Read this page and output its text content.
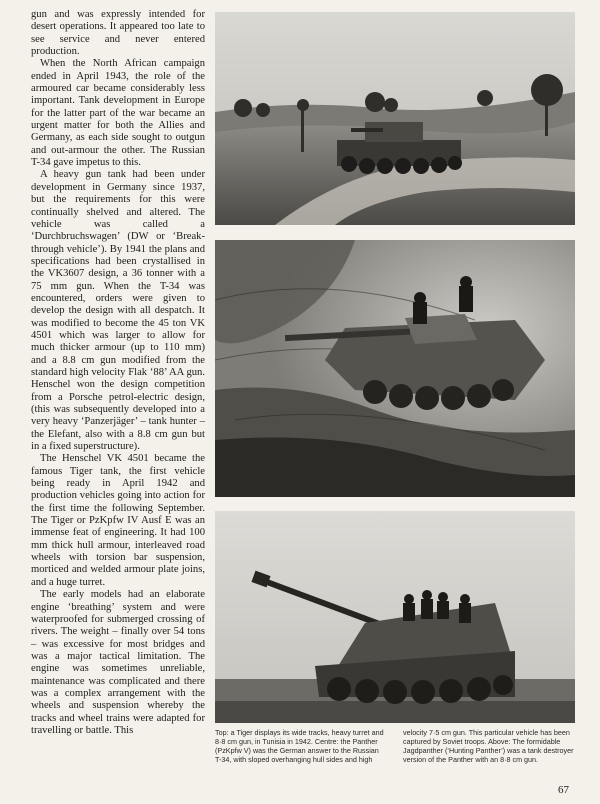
gun and was expressly intended for desert operations. It appeared too late to see service and never entered production.

When the North African campaign ended in April 1943, the role of the armoured car became considerably less important. Tank development in Europe for the latter part of the war became an urgent matter for both the Allies and Germany, as each side sought to outgun and out-armour the other. The Russian T-34 gave impetus to this.

A heavy gun tank had been under development in Germany since 1937, but the requirements for this were continually shelved and altered. The vehicle was called a ‘Durchbruchswagen’ (DW or ‘Break-through vehicle’). By 1941 the plans and specifications had been crystallised in the VK3607 design, a 36 tonner with a 75 mm gun. When the T-34 was encountered, orders were given to develop the design with all despatch. It was modified to become the 45 ton VK 4501 which was larger to allow for much thicker armour (up to 110 mm) and a 8.8 cm gun modified from the standard high velocity Flak ‘88’ AA gun. Henschel won the design competition from a Porsche petrol-electric design, (this was subsequently developed into a very heavy ‘Panzerjäger’ – tank hunter – the Elefant, also with a 8.8 cm gun but in a fixed superstructure).

The Henschel VK 4501 became the famous Tiger tank, the first vehicle being ready in April 1942 and production vehicles going into action for the first time the following September. The Tiger or PzKpfw IV Ausf E was an immense feat of engineering. It had 100 mm thick hull armour, interleaved road wheels with torsion bar suspension, morticed and welded armour plate joins, and a huge turret.

The early models had an elaborate engine ‘breathing’ system and were waterproofed for submerged crossing of rivers. The weight – finally over 54 tons – was excessive for most bridges and was a major tactical limitation. The engine was sometimes unreliable, maintenance was complicated and there was a complex arrangement with the wheels and suspension whereby the tracks and wheel trains were adapted for travelling or battle. This	Top: a Tiger displays its wide tracks, heavy turret and 8·8 cm gun, in Tunisia in 1942. Centre: the Panther (PzKpfw V) was the German answer to the Russian T-34, with sloped overhanging hull sides and high

velocity 7·5 cm gun. This particular vehicle has been captured by Soviet troops. Above: The formidable Jagdpanther (‘Hunting Panther’) was a tank destroyer version of the Panther with an 8·8 cm gun.

67
